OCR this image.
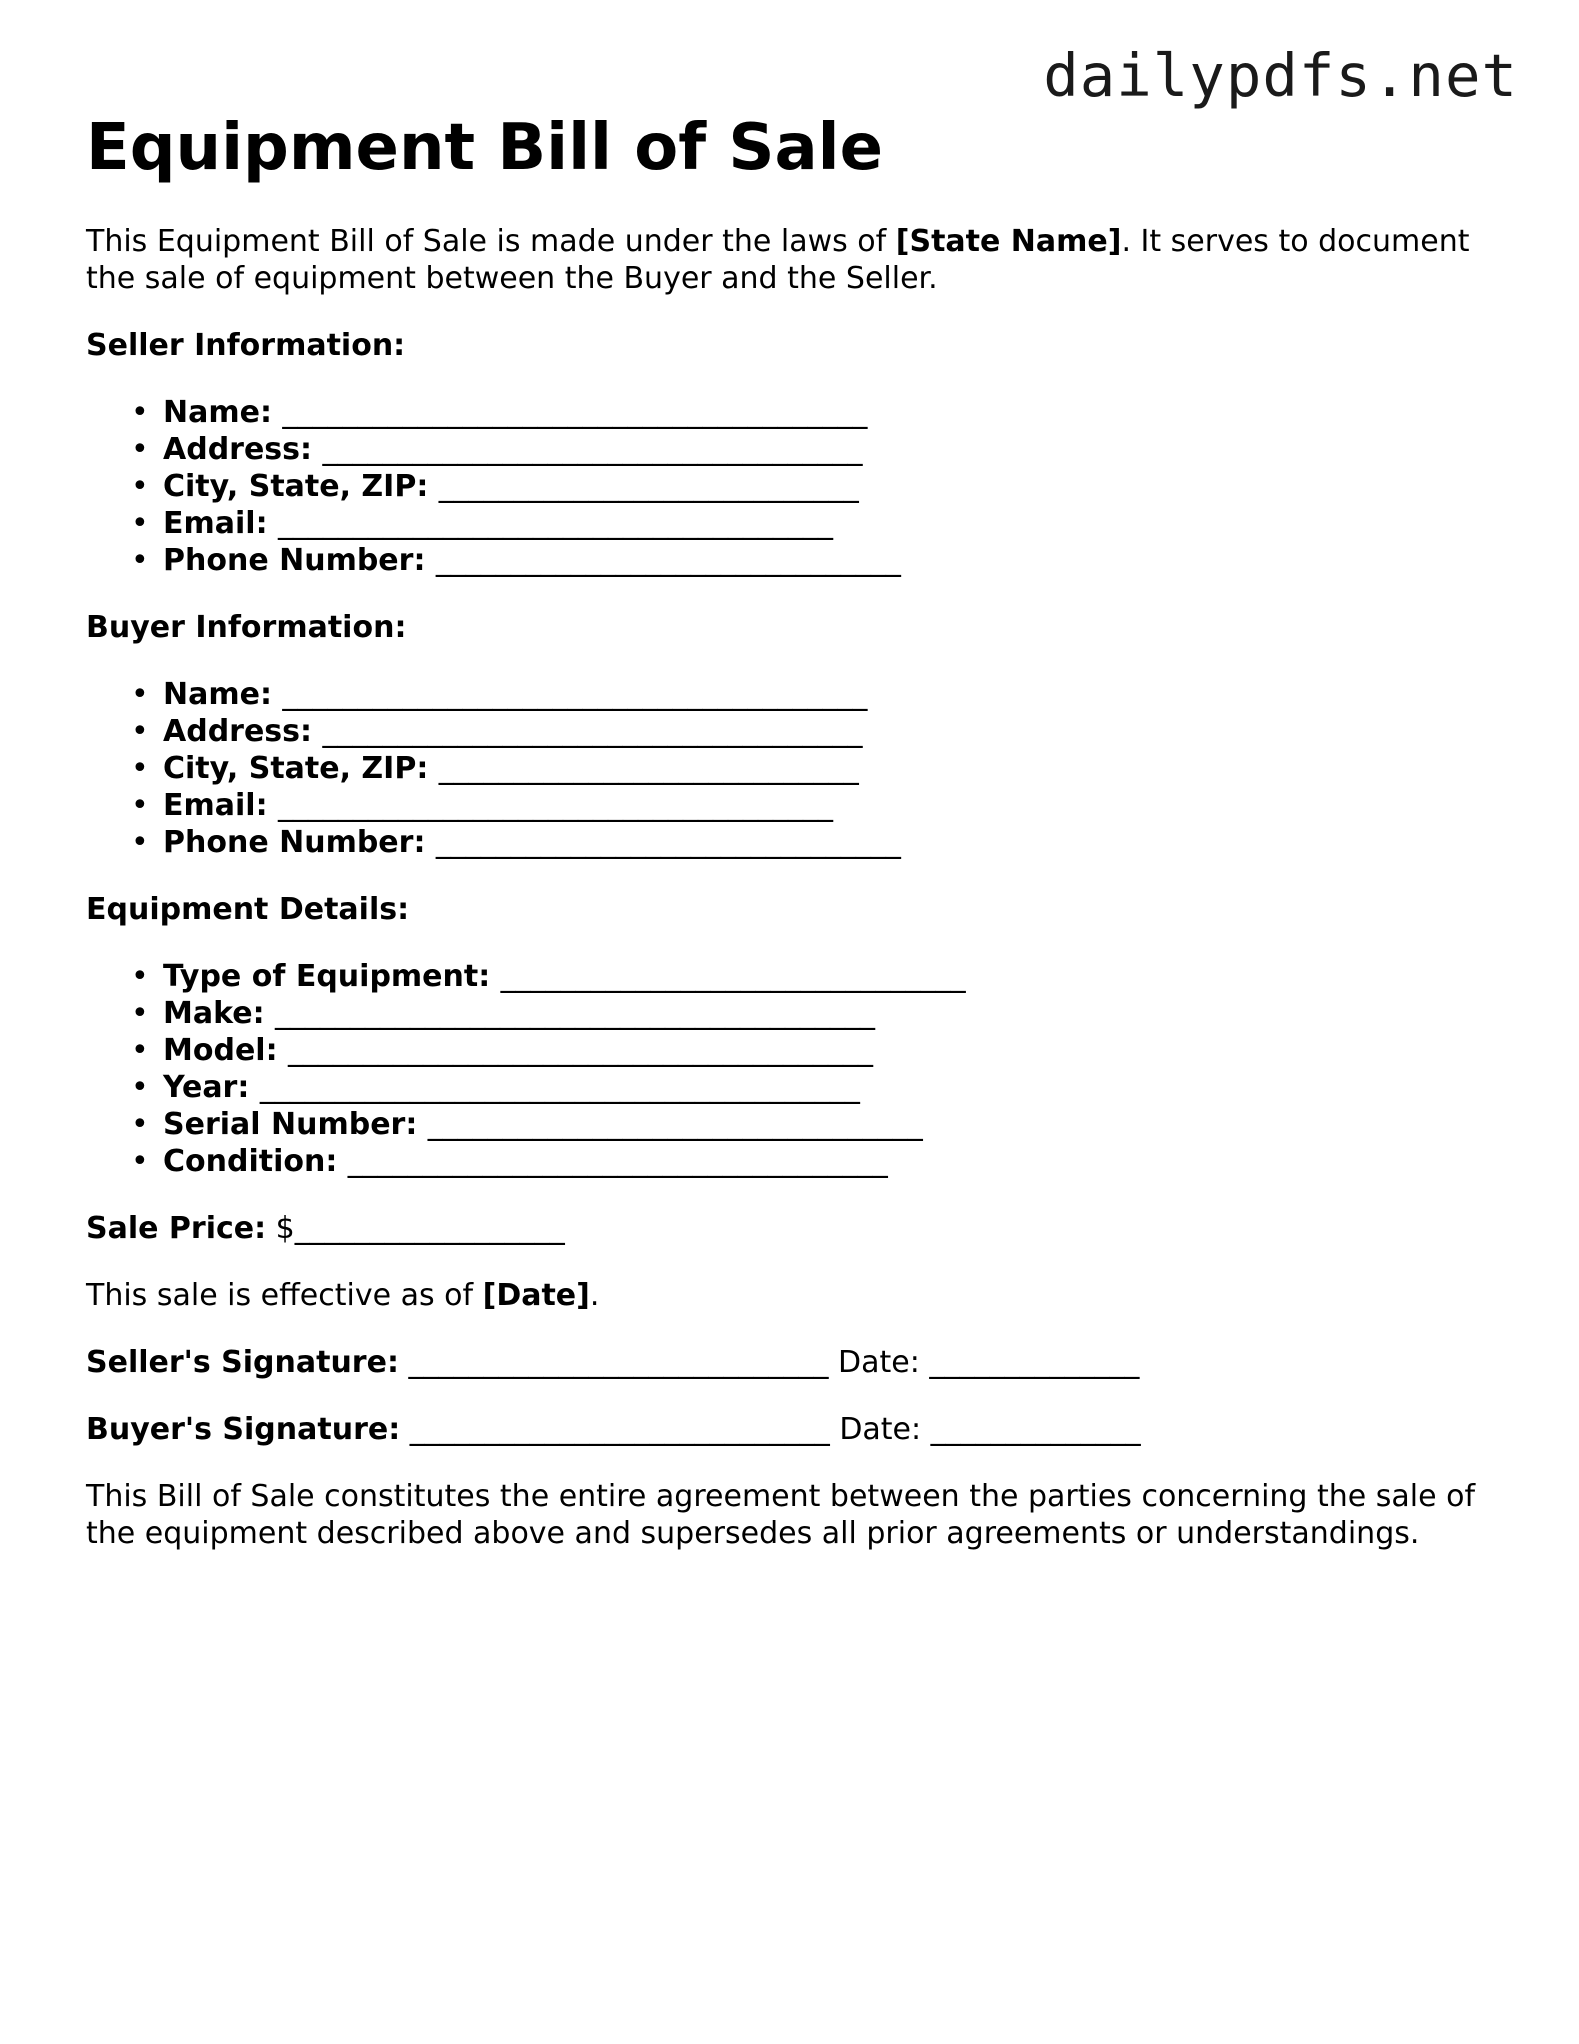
dailypdfs.net
Equipment Bill of Sale

This Equipment Bill of Sale is made under the laws of [State Name]. It serves to document the sale of equipment between the Buyer and the Seller.

Seller Information:
• Name: _______________________________________
• Address: ____________________________________
• City, State, ZIP: ____________________________
• Email: _____________________________________
• Phone Number: _______________________________
Buyer Information:
• Name: _______________________________________
• Address: ____________________________________
• City, State, ZIP: ____________________________
• Email: _____________________________________
• Phone Number: _______________________________
Equipment Details:
• Type of Equipment: _______________________________
• Make: ________________________________________
• Model: _______________________________________
• Year: ________________________________________
• Serial Number: _________________________________
• Condition: ____________________________________

Sale Price: $__________________

This sale is effective as of [Date].

Seller's Signature: ____________________________ Date: ______________

Buyer's Signature: ____________________________ Date: ______________

This Bill of Sale constitutes the entire agreement between the parties concerning the sale of the equipment described above and supersedes all prior agreements or understandings.
